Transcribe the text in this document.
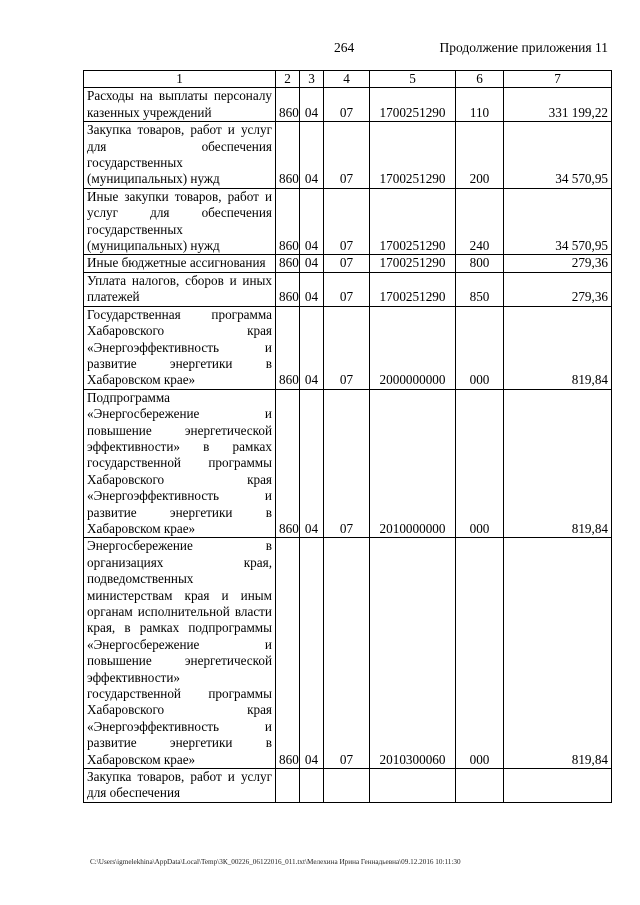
264	Продолжение приложения 11
1	2	3	4	5	6	7
Расходы на выплаты персоналу казенных учреждений	860	04	07	1700251290	110	331 199,22
Закупка товаров, работ и услуг для обеспечения государственных (муниципальных) нужд	860	04	07	1700251290	200	34 570,95
Иные закупки товаров, работ и услуг для обеспечения государственных (муниципальных) нужд	860	04	07	1700251290	240	34 570,95
Иные бюджетные ассигнования	860	04	07	1700251290	800	279,36
Уплата налогов, сборов и иных платежей	860	04	07	1700251290	850	279,36
Государственная программа Хабаровского края «Энергоэффективность и развитие энергетики в Хабаровском крае»	860	04	07	2000000000	000	819,84
Подпрограмма «Энергосбережение и повышение энергетической эффективности» в рамках государственной программы Хабаровского края «Энергоэффективность и развитие энергетики в Хабаровском крае»	860	04	07	2010000000	000	819,84
Энергосбережение в организациях края, подведомственных министерствам края и иным органам исполнительной власти края, в рамках подпрограммы «Энергосбережение и повышение энергетической эффективности» государственной программы Хабаровского края «Энергоэффективность и развитие энергетики в Хабаровском крае»	860	04	07	2010300060	000	819,84
Закупка товаров, работ и услуг для обеспечения						
C:\Users\igmelekhina\AppData\Local\Temp\3К_00226_06122016_011.txt\Мелехина Ирина Геннадьевна\09.12.2016 10:11:30
